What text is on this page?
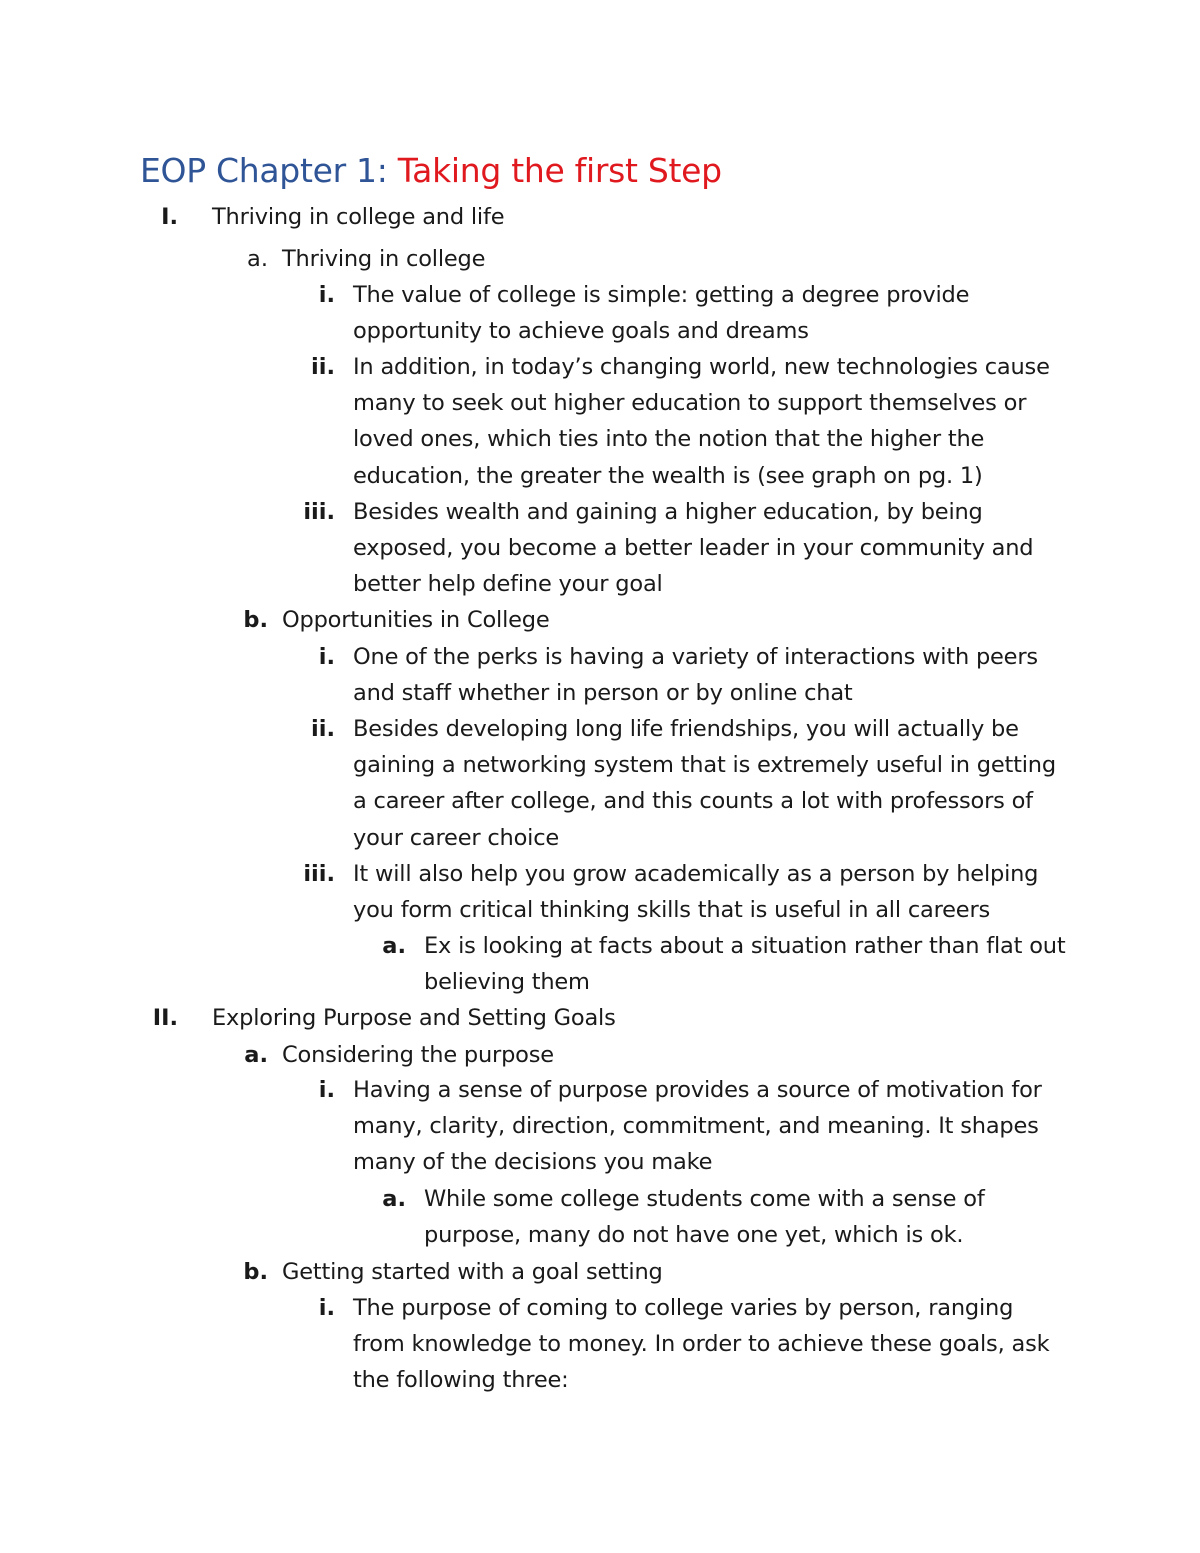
EOP Chapter 1: Taking the first Step
I. Thriving in college and life
a. Thriving in college
i. The value of college is simple: getting a degree provide
opportunity to achieve goals and dreams
ii. In addition, in today’s changing world, new technologies cause
many to seek out higher education to support themselves or
loved ones, which ties into the notion that the higher the
education, the greater the wealth is (see graph on pg. 1)
iii. Besides wealth and gaining a higher education, by being
exposed, you become a better leader in your community and
better help define your goal
b. Opportunities in College
i. One of the perks is having a variety of interactions with peers
and staff whether in person or by online chat
ii. Besides developing long life friendships, you will actually be
gaining a networking system that is extremely useful in getting
a career after college, and this counts a lot with professors of
your career choice
iii. It will also help you grow academically as a person by helping
you form critical thinking skills that is useful in all careers
a. Ex is looking at facts about a situation rather than flat out
believing them
II. Exploring Purpose and Setting Goals
a. Considering the purpose
i. Having a sense of purpose provides a source of motivation for
many, clarity, direction, commitment, and meaning. It shapes
many of the decisions you make
a. While some college students come with a sense of
purpose, many do not have one yet, which is ok.
b. Getting started with a goal setting
i. The purpose of coming to college varies by person, ranging
from knowledge to money. In order to achieve these goals, ask
the following three:
